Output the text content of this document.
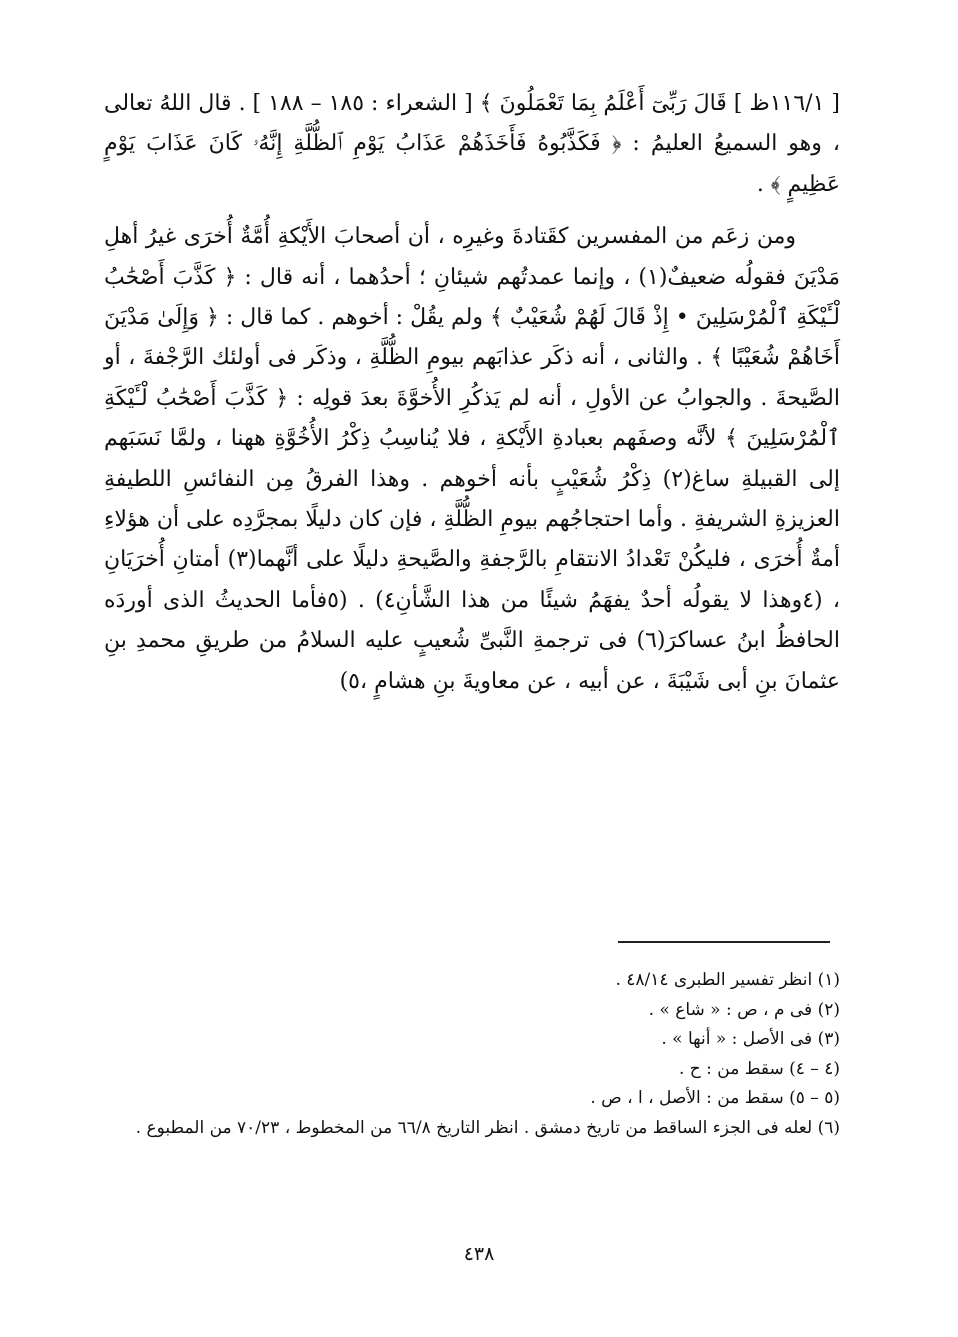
[ ١١٦/١ظ ] قَالَ رَبِّىٓ أَعْلَمُ بِمَا تَعْمَلُونَ ﴾ [ الشعراء : ١٨٥ – ١٨٨ ] . قال اللهُ تعالى ، وهو السميعُ العليمُ : ﴿ فَكَذَّبُوهُ فَأَخَذَهُمْ عَذَابُ يَوْمِ ٱلظُّلَّةِ إِنَّهُۥ كَانَ عَذَابَ يَوْمٍ عَظِيمٍ ﴾ .

ومن زعَم من المفسرين كقَتادةَ وغيرِه ، أن أصحابَ الأَيْكةِ أُمَّةٌ أُخرَى غيرُ أهلِ مَدْيَنَ فقولُه ضعيفٌ(١) ، وإنما عمدتُهم شيئانِ ؛ أحدُهما ، أنه قال : ﴿ كَذَّبَ أَصْحَٰبُ لْـَٔيْكَةِ ٱلْمُرْسَلِينَ • إِذْ قَالَ لَهُمْ شُعَيْبٌ ﴾ ولم يقُلْ : أخوهم . كما قال : ﴿ وَإِلَىٰ مَدْيَنَ أَخَاهُمْ شُعَيْبًا ﴾ . والثانى ، أنه ذكَر عذابَهم بيومِ الظُّلَّةِ ، وذكَر فى أولئك الرَّجْفةَ ، أو الصَّيحةَ . والجوابُ عن الأولِ ، أنه لم يَذكُرِ الأُخوَّةَ بعدَ قولِه : ﴿ كَذَّبَ أَصْحَٰبُ لْـَٔيْكَةِ ٱلْمُرْسَلِينَ ﴾ لأنَّه وصفَهم بعبادةِ الأَيْكةِ ، فلا يُناسِبُ ذِكْرُ الأُخُوَّةِ ههنا ، ولمَّا نَسَبَهم إلى القبيلةِ ساغ(٢) ذِكْرُ شُعَيْبٍ بأنه أخوهم . وهذا الفرقُ مِن النفائسِ اللطيفةِ العزيزةِ الشريفةِ . وأما احتجاجُهم بيومِ الظُّلَّةِ ، فإن كان دليلًا بمجرَّدِه على أن هؤلاءِ أمةٌ أُخرَى ، فليكُنْ تَعْدادُ الانتقامِ بالرَّجفةِ والصَّيحةِ دليلًا على أنَّهما(٣) أمتانِ أُخرَيَانِ ، (٤وهذا لا يقولُه أحدٌ يفهَمُ شيئًا من هذا الشَّأنِ٤) . (٥فأما الحديثُ الذى أوردَه الحافظُ ابنُ عساكرَ(٦) فى ترجمةِ النَّبىِّ شُعيبٍ عليه السلامُ من طريقِ محمدِ بنِ عثمانَ بنِ أبى شَيْبَةَ ، عن أبيه ، عن معاويةَ بنِ هشامٍ ،٥)

(١) انظر تفسير الطبرى ٤٨/١٤ .
(٢) فى م ، ص : « شاع » .
(٣) فى الأصل : « أنها » .
(٤ – ٤) سقط من : ح .
(٥ – ٥) سقط من : الأصل ، ا ، ص .
(٦) لعله فى الجزء الساقط من تاريخ دمشق . انظر التاريخ ٦٦/٨ من المخطوط ، ٧٠/٢٣ من المطبوع .
٤٣٨
